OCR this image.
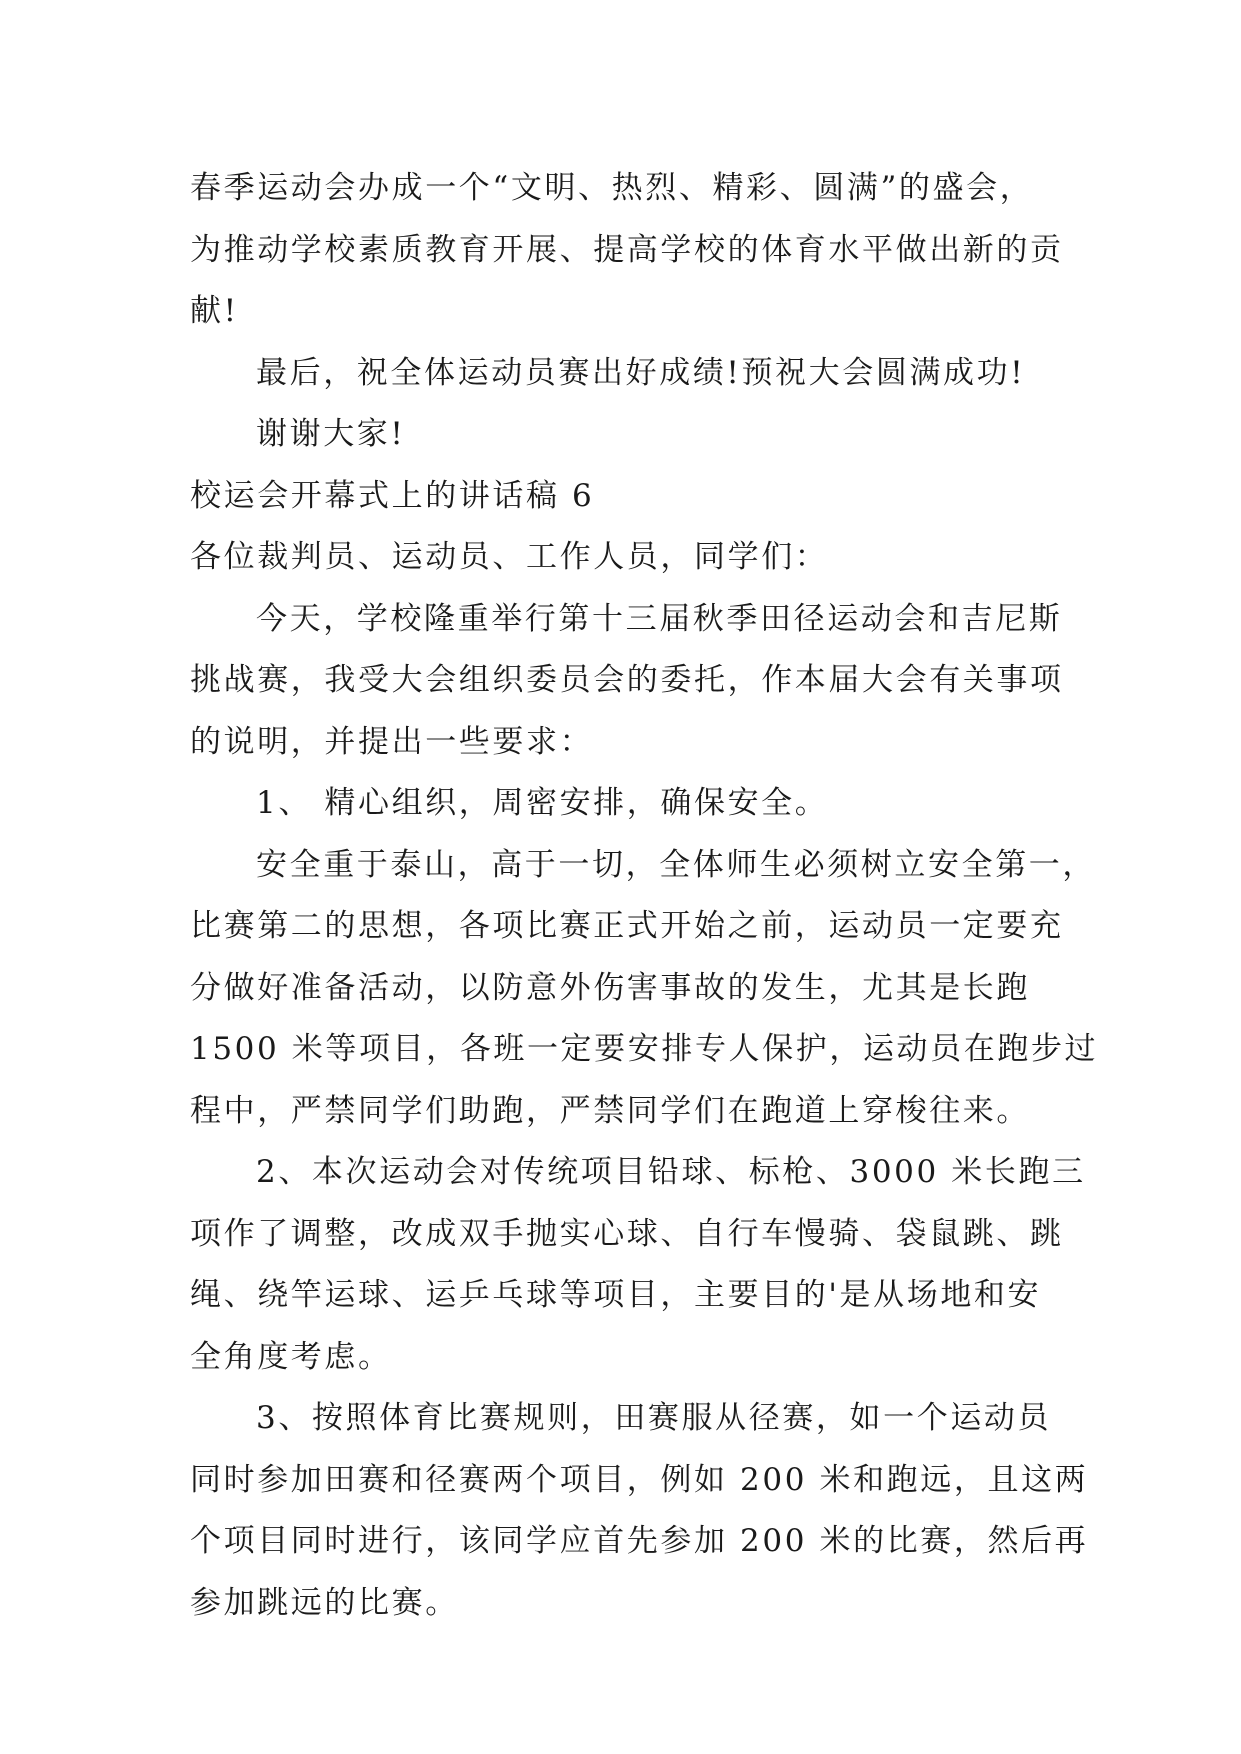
春季运动会办成一个“文明、热烈、精彩、圆满”的盛会，
为推动学校素质教育开展、提高学校的体育水平做出新的贡
献!
最后，祝全体运动员赛出好成绩!预祝大会圆满成功!
谢谢大家!
校运会开幕式上的讲话稿 6
各位裁判员、运动员、工作人员，同学们：
今天，学校隆重举行第十三届秋季田径运动会和吉尼斯
挑战赛，我受大会组织委员会的委托，作本届大会有关事项
的说明，并提出一些要求：
1、 精心组织，周密安排，确保安全。
安全重于泰山，高于一切，全体师生必须树立安全第一，
比赛第二的思想，各项比赛正式开始之前，运动员一定要充
分做好准备活动，以防意外伤害事故的发生，尤其是长跑
1500 米等项目，各班一定要安排专人保护，运动员在跑步过
程中，严禁同学们助跑，严禁同学们在跑道上穿梭往来。
2、本次运动会对传统项目铅球、标枪、3000 米长跑三
项作了调整，改成双手抛实心球、自行车慢骑、袋鼠跳、跳
绳、绕竿运球、运乒乓球等项目，主要目的'是从场地和安
全角度考虑。
3、按照体育比赛规则，田赛服从径赛，如一个运动员
同时参加田赛和径赛两个项目，例如 200 米和跑远，且这两
个项目同时进行，该同学应首先参加 200 米的比赛，然后再
参加跳远的比赛。
